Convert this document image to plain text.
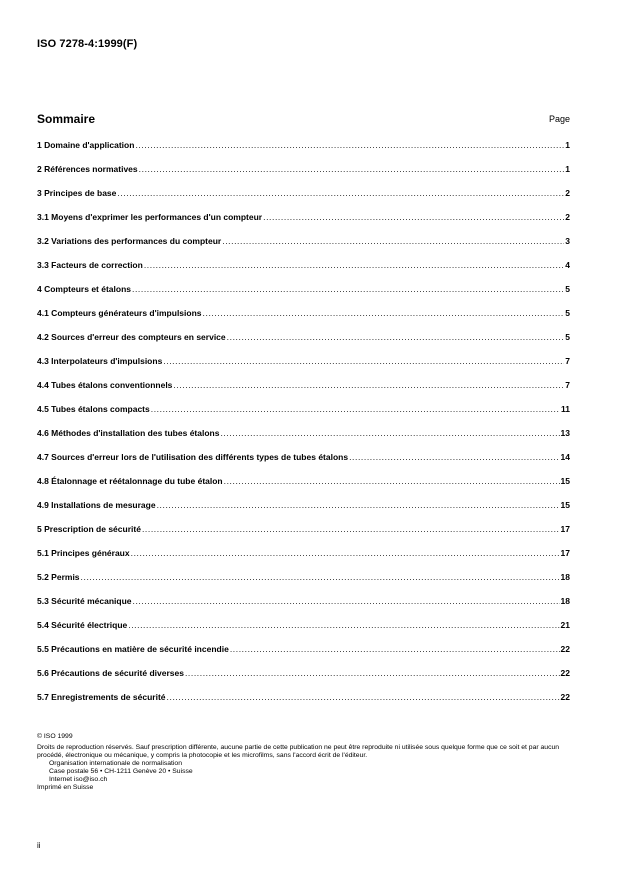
ISO 7278-4:1999(F)
Sommaire	Page
1 Domaine d'application .....	1
2 Références normatives .....	1
3 Principes de base .....	2
3.1 Moyens d'exprimer les performances d'un compteur .....	2
3.2 Variations des performances du compteur .....	3
3.3 Facteurs de correction .....	4
4 Compteurs et étalons .....	5
4.1 Compteurs générateurs d'impulsions .....	5
4.2 Sources d'erreur des compteurs en service .....	5
4.3 Interpolateurs d'impulsions .....	7
4.4 Tubes étalons conventionnels .....	7
4.5 Tubes étalons compacts .....	11
4.6 Méthodes d'installation des tubes étalons .....	13
4.7 Sources d'erreur lors de l'utilisation des différents types de tubes étalons .....	14
4.8 Étalonnage et réétalonnage du tube étalon .....	15
4.9 Installations de mesurage .....	15
5 Prescription de sécurité .....	17
5.1 Principes généraux .....	17
5.2 Permis .....	18
5.3 Sécurité mécanique .....	18
5.4 Sécurité électrique .....	21
5.5 Précautions en matière de sécurité incendie .....	22
5.6 Précautions de sécurité diverses .....	22
5.7 Enregistrements de sécurité .....	22

© ISO 1999

Droits de reproduction réservés. Sauf prescription différente, aucune partie de cette publication ne peut être reproduite ni utilisée sous quelque forme que ce soit et par aucun procédé, électronique ou mécanique, y compris la photocopie et les microfilms, sans l'accord écrit de l'éditeur.

Organisation internationale de normalisation

Case postale 56 • CH-1211 Genève 20 • Suisse

Internet iso@iso.ch

Imprimé en Suisse

ii
